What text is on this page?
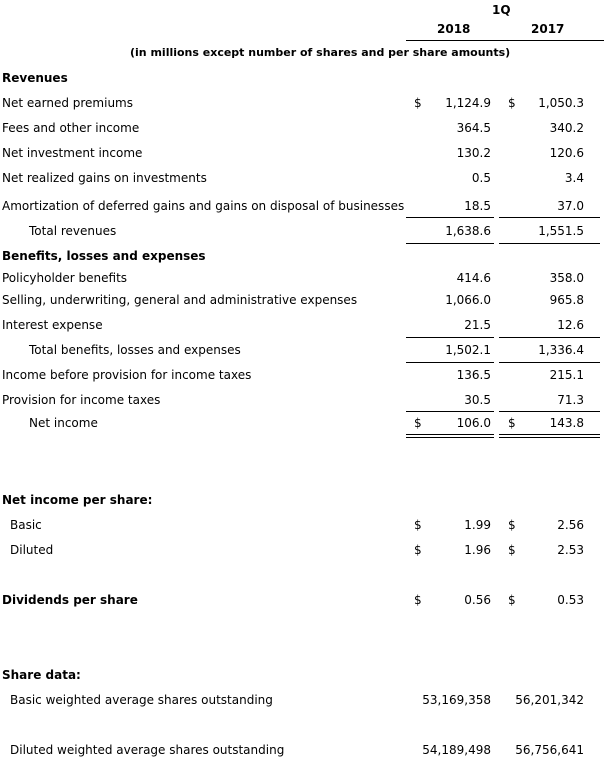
1Q
2018	2017
(in millions except number of shares and per share amounts)
Revenues
Net earned premiums	$ 1,124.9 $ 1,050.3
Fees and other income	364.5	340.2
Net investment income	130.2	120.6
Net realized gains on investments	0.5	3.4
Amortization of deferred gains and gains on disposal of businesses	18.5	37.0
Total revenues	1,638.6	1,551.5
Benefits, losses and expenses
Policyholder benefits	414.6	358.0
Selling, underwriting, general and administrative expenses	1,066.0	965.8
Interest expense	21.5	12.6
Total benefits, losses and expenses	1,502.1	1,336.4
Income before provision for income taxes	136.5	215.1
Provision for income taxes	30.5	71.3
Net income	$	106.0 $	143.8
Net income per share:
Basic	$	1.99 $	2.56
Diluted	$	1.96 $	2.53
Dividends per share	$	0.56 $	0.53
Share data:
Basic weighted average shares outstanding	53,169,358 56,201,342
Diluted weighted average shares outstanding	54,189,498 56,756,641
